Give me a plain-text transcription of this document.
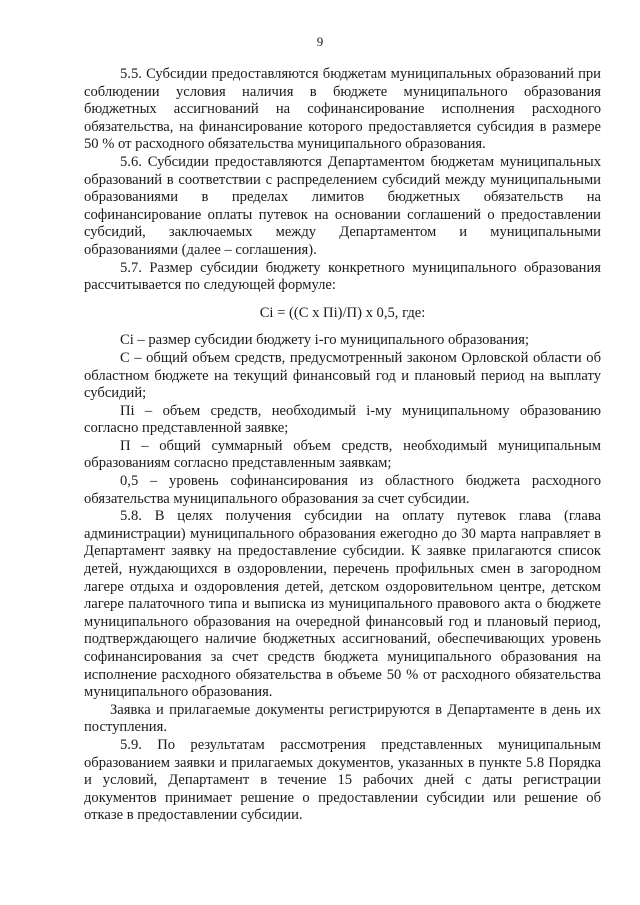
9

5.5. Субсидии предоставляются бюджетам муниципальных образований при соблюдении условия наличия в бюджете муниципального образования бюджетных ассигнований на софинансирование исполнения расходного обязательства, на финансирование которого предоставляется субсидия в размере 50 % от расходного обязательства муниципального образования.

5.6. Субсидии предоставляются Департаментом бюджетам муниципальных образований в соответствии с распределением субсидий между муниципальными образованиями в пределах лимитов бюджетных обязательств на софинансирование оплаты путевок на основании соглашений о предоставлении субсидий, заключаемых между Департаментом и муниципальными образованиями (далее – соглашения).

5.7. Размер субсидии бюджету конкретного муниципального образования рассчитывается по следующей формуле:

Сi = ((С х Пi)/П) х 0,5, где:

Сi – размер субсидии бюджету i-го муниципального образования;

С – общий объем средств, предусмотренный законом Орловской области об областном бюджете на текущий финансовый год и плановый период на выплату субсидий;

Пi – объем средств, необходимый i-му муниципальному образованию согласно представленной заявке;

П – общий суммарный объем средств, необходимый муниципальным образованиям согласно представленным заявкам;

0,5 – уровень софинансирования из областного бюджета расходного обязательства муниципального образования за счет субсидии.

5.8. В целях получения субсидии на оплату путевок глава (глава администрации) муниципального образования ежегодно до 30 марта направляет в Департамент заявку на предоставление субсидии. К заявке прилагаются список детей, нуждающихся в оздоровлении, перечень профильных смен в загородном лагере отдыха и оздоровления детей, детском оздоровительном центре, детском лагере палаточного типа и выписка из муниципального правового акта о бюджете муниципального образования на очередной финансовый год и плановый период, подтверждающего наличие бюджетных ассигнований, обеспечивающих уровень софинансирования за счет средств бюджета муниципального образования на исполнение расходного обязательства в объеме 50 % от расходного обязательства муниципального образования.

Заявка и прилагаемые документы регистрируются в Департаменте в день их поступления.

5.9. По результатам рассмотрения представленных муниципальным образованием заявки и прилагаемых документов, указанных в пункте 5.8 Порядка и условий, Департамент в течение 15 рабочих дней с даты регистрации документов принимает решение о предоставлении субсидии или решение об отказе в предоставлении субсидии.
